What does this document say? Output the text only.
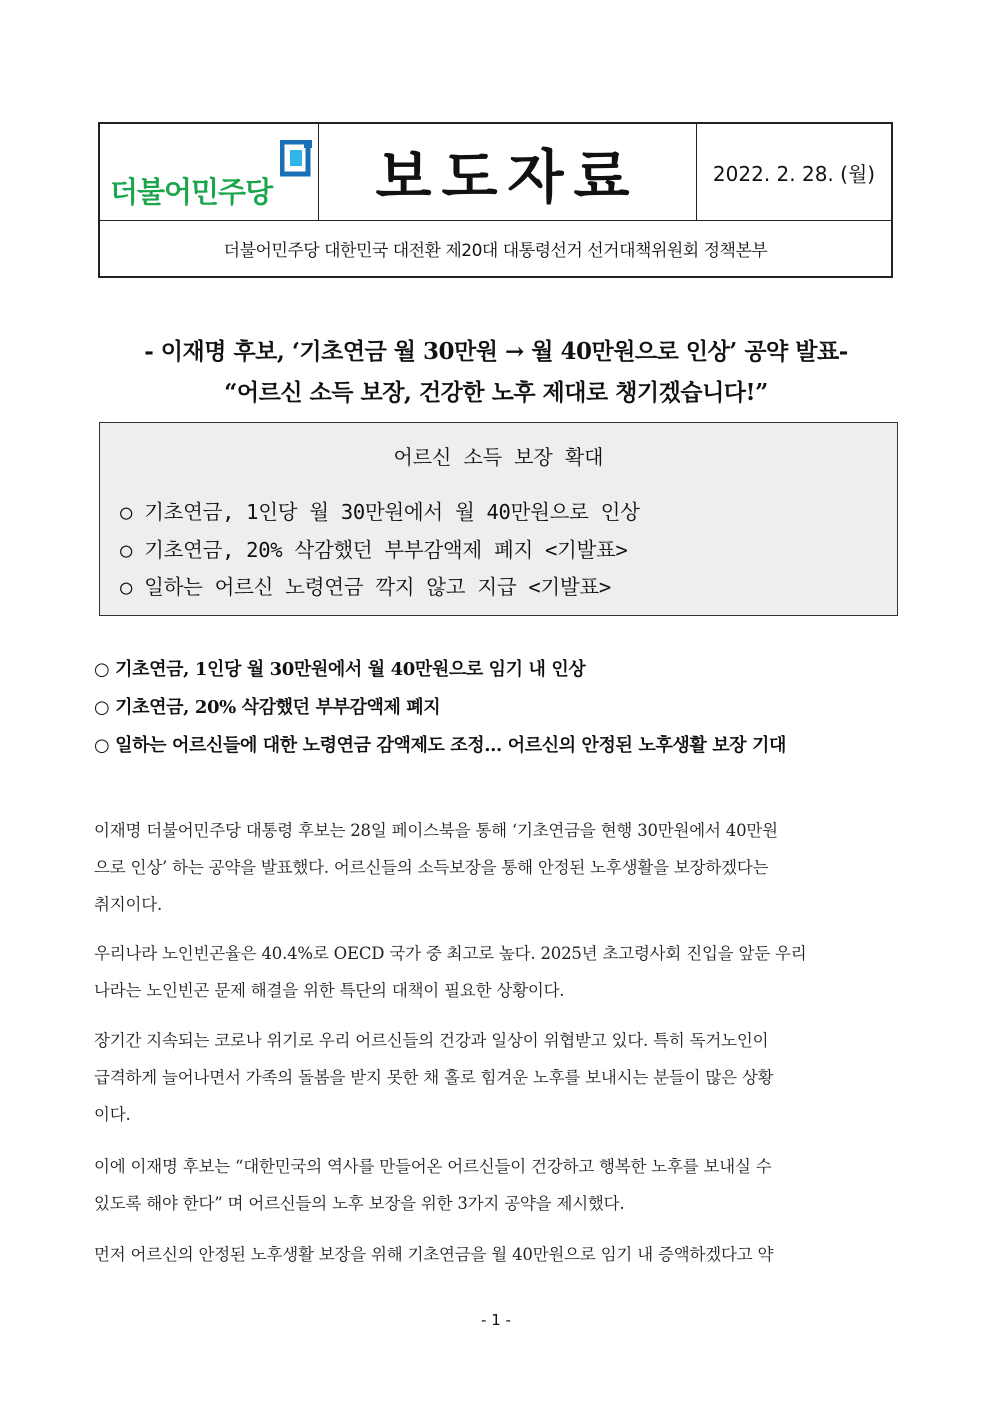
더불어민주당 보도자료	2022. 2. 28. (월)
더불어민주당 대한민국 대전환 제20대 대통령선거 선거대책위원회 정책본부
- 이재명 후보, ‘기초연금 월 30만원 → 월 40만원으로 인상’ 공약 발표-
“어르신 소득 보장, 건강한 노후 제대로 챙기겠습니다!”
어르신 소득 보장 확대
○ 기초연금, 1인당 월 30만원에서 월 40만원으로 인상
○ 기초연금, 20% 삭감했던 부부감액제 폐지 <기발표>
○ 일하는 어르신 노령연금 깍지 않고 지급 <기발표>
○ 기초연금, 1인당 월 30만원에서 월 40만원으로 임기 내 인상
○ 기초연금, 20% 삭감했던 부부감액제 폐지
○ 일하는 어르신들에 대한 노령연금 감액제도 조정... 어르신의 안정된 노후생활 보장 기대
이재명 더불어민주당 대통령 후보는 28일 페이스북을 통해 ‘기초연금을 현행 30만원에서 40만원
으로 인상’ 하는 공약을 발표했다. 어르신들의 소득보장을 통해 안정된 노후생활을 보장하겠다는
취지이다.
우리나라 노인빈곤율은 40.4%로 OECD 국가 중 최고로 높다. 2025년 초고령사회 진입을 앞둔 우리
나라는 노인빈곤 문제 해결을 위한 특단의 대책이 필요한 상황이다.
장기간 지속되는 코로나 위기로 우리 어르신들의 건강과 일상이 위협받고 있다. 특히 독거노인이
급격하게 늘어나면서 가족의 돌봄을 받지 못한 채 홀로 힘겨운 노후를 보내시는 분들이 많은 상황
이다.
이에 이재명 후보는 “대한민국의 역사를 만들어온 어르신들이 건강하고 행복한 노후를 보내실 수
있도록 해야 한다” 며 어르신들의 노후 보장을 위한 3가지 공약을 제시했다.
먼저 어르신의 안정된 노후생활 보장을 위해 기초연금을 월 40만원으로 임기 내 증액하겠다고 약
- 1 -
